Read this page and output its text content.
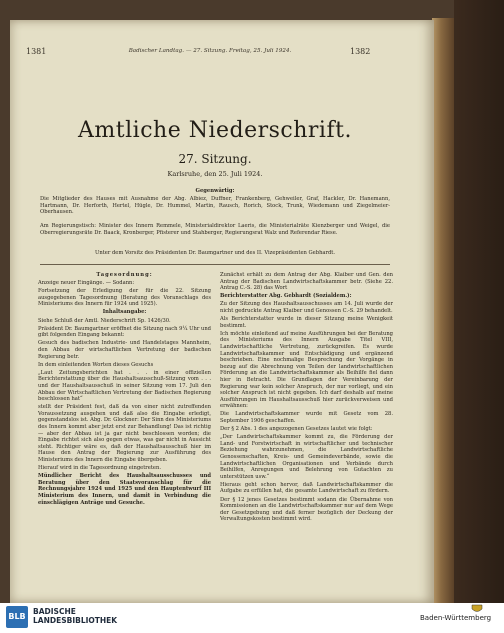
1381	1382
Badischer Landtag. — 27. Sitzung. Freitag, 25. Juli 1924.
Amtliche Niederschrift.
27. Sitzung.
Karlsruhe, den 25. Juli 1924.
Gegenwärtig:
Die Mitglieder des Hauses mit Ausnahme der Abg. Albiez, Duffner, Frankenberg, Gehweiler, Graf, Hackler, Dr. Hanemann, Hartmann, Dr. Herforth, Hertel, Hügle, Dr. Hummel, Martin, Rausch, Rorich, Stock, Trunk, Wiedemann und Ziegelmeier-Oberhausen.
Am Regierungstisch: Minister des Innern Remmele, Ministerialdirektor Laeris, die Ministerialräte Kienzberger und Weigel, die Oberregierungsräte Dr. Baack, Kronberger, Pfisterer und Stahberger, Regierungsrat Walz und Referendar Riese.
Unter dem Vorsitz des Präsidenten Dr. Baumgartner und des II. Vizepräsidenten Gebhardt.

Tagesordnung:

Anzeige neuer Eingänge. — Sodann:

Fortsetzung der Erledigung der für die 22. Sitzung ausgegebenen Tagesordnung (Beratung des Voranschlags des Ministeriums des Innern für 1924 und 1925).

Inhaltsangabe:

Siehe Schluß der Amtl. Niederschrift Sp. 1426/30.

Präsident Dr. Baumgartner eröffnet die Sitzung nach 9¼ Uhr und gibt folgenden Eingang bekannt:

Gesuch des badischen Industrie- und Handelstages Mannheim, den Abbau der wirtschaftlichen Vertretung der badischen Regierung betr.

In dem einleitenden Worten dieses Gesuchs

„Laut Zeitungsberichten hat . . . in einer offiziellen Berichterstattung über die Haushaltsausschuß-Sitzung vom . . . und der Haushaltsausschuß in seiner Sitzung vom 17. Juli den Abbau der Wirtschaftlichen Vertretung der Badischen Regierung beschlossen hat“

stellt der Präsident fest, daß da von einer nicht zutreffenden Voraussetzung ausgehen und daß also die Eingabe erledigt, gegenstandslos ist. Abg. Dr. Glockner: Der Sinn des Ministeriums des Innern kommt aber jetzt erst zur Behandlung! Das ist richtig — aber der Abbau ist ja gar nicht beschlossen worden; die Eingabe richtet sich also gegen etwas, was gar nicht in Aussicht steht. Richtiger wäre es, daß der Haushaltsausschuß hier im Hause den Antrag der Regierung zur Ausführung des Ministeriums des Innern die Eingabe übergeben.

Hierauf wird in die Tagesordnung eingetreten.

Mündlicher Bericht des Haushaltsausschusses und Beratung über den Staatsvoranschlag für die Rechnungsjahre 1924 und 1925 und den Hauptentwurf III Ministerium des Innern, und damit in Verbindung die einschlägigen Anträge und Gesuche.

Zunächst erhält zu dem Antrag der Abg. Klaiber und Gen. den Antrag der Badischen Landwirtschaftskammer betr. (Siehe 22. Antrag C.-S. 28) das Wort

Berichterstatter Abg. Gebhardt (Sozialdem.):

Zu der Sitzung des Haushaltsausschusses am 14. Juli wurde der nicht gedruckte Antrag Klaiber und Genossen C.-S. 29 behandelt.

Als Berichterstatter wurde in dieser Sitzung meine Wenigkeit bestimmt.

Ich möchte einleitend auf meine Ausführungen bei der Beratung des Ministeriums des Innern Ausgabe Titel VIII, Landwirtschaftliche Vertretung, zurückgreifen. Es wurde Landwirtschaftskammer und Entschädigung und ergänzend beschrieben. Eine nochmalige Besprechung der Vorgänge in bezug auf die Abrechnung von Teilen der landwirtschaftlichen Förderung an die Landwirtschaftskammer als Beihilfe fiel dann hier in Betracht. Die Grundlagen der Vereinbarung der Regierung war kein solcher Anspruch, der nur vorliegt, und ein solcher Anspruch ist nicht gegeben. Ich darf deshalb auf meine Ausführungen im Haushaltsausschuß hier zurückverweisen und erwähnen:

Die Landwirtschaftskammer wurde mit Gesetz vom 28. September 1906 geschaffen.

Der § 2 Abs. 1 des angezogenen Gesetzes lautet wie folgt:

„Der Landwirtschaftskammer kommt zu, die Förderung der Land- und Forstwirtschaft in wirtschaftlicher und technischer Beziehung wahrzunehmen, die Landwirtschaftliche Genossenschaften, Kreis- und Gemeindeverbände, sowie die Landwirtschaftlichen Organisationen und Verbände durch Beihilfen, Anregungen und Belehrung von Gutachten zu unterstützen usw.“

Hieraus geht schon hervor, daß Landwirtschaftskammer die Aufgabe zu erfüllen hat, die gesamte Landwirtschaft zu fördern.

Der § 12 jenes Gesetzes bestimmt sodann die Übernahme von Kommissionen an die Landwirtschaftskammer nur auf dem Wege der Gesetzgebung und daß ferner bezüglich der Deckung der Verwaltungskosten bestimmt wird.

BLB
BADISCHE
LANDESBIBLIOTHEK	Baden-Württemberg
